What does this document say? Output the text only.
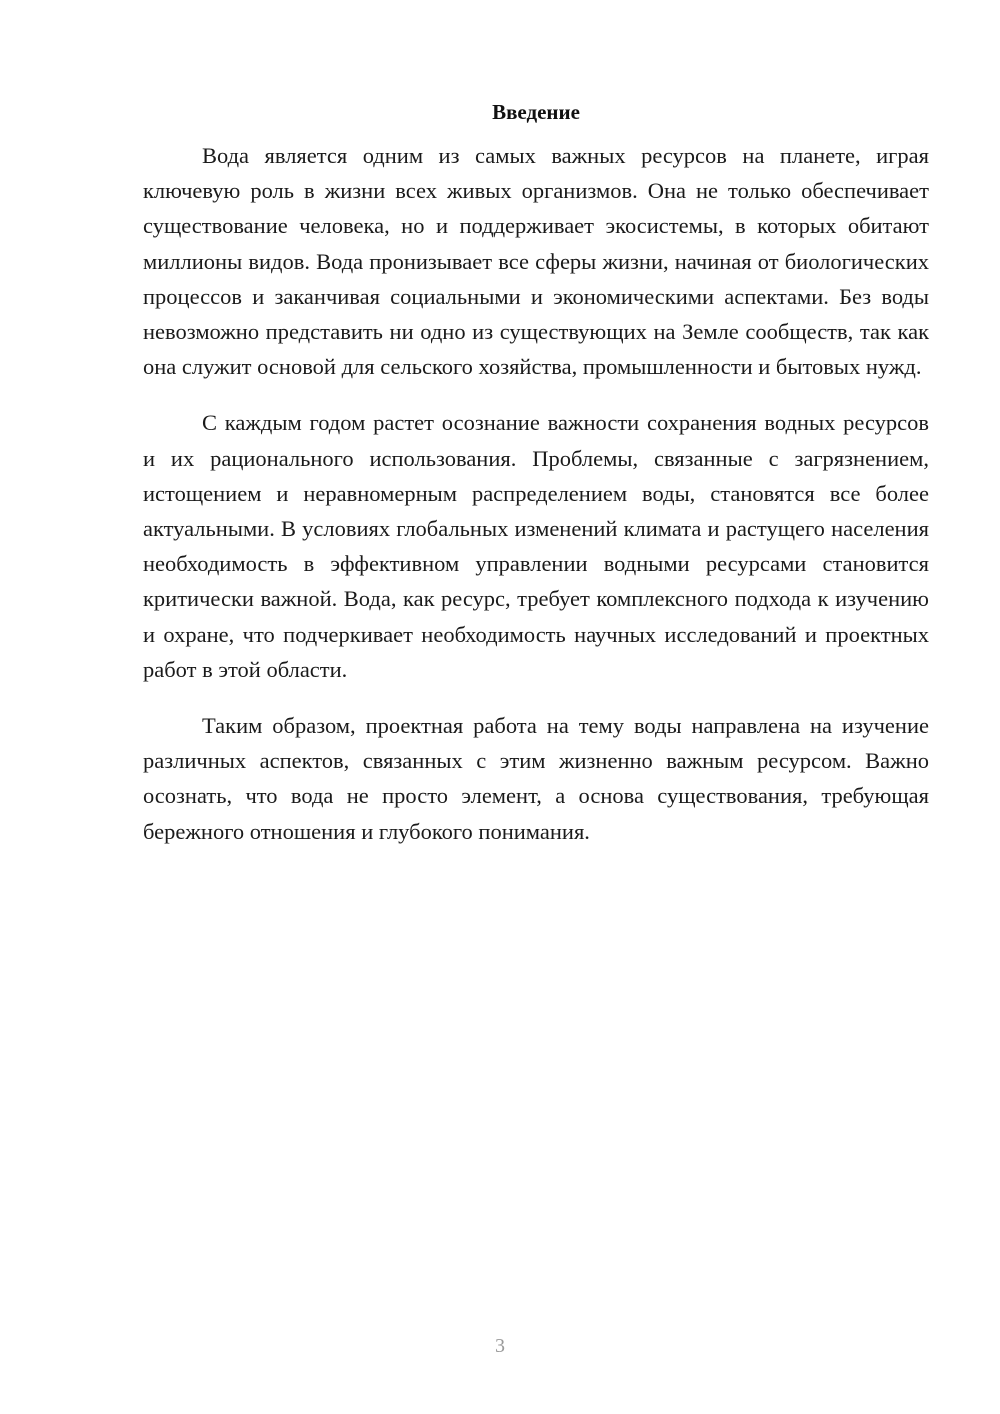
Введение

Вода является одним из самых важных ресурсов на планете, играя ключевую роль в жизни всех живых организмов. Она не только обеспечивает существование человека, но и поддерживает экосистемы, в которых обитают миллионы видов. Вода пронизывает все сферы жизни, начиная от биологических процессов и заканчивая социальными и экономическими аспектами. Без воды невозможно представить ни одно из существующих на Земле сообществ, так как она служит основой для сельского хозяйства, промышленности и бытовых нужд.

С каждым годом растет осознание важности сохранения водных ресурсов и их рационального использования. Проблемы, связанные с загрязнением, истощением и неравномерным распределением воды, становятся все более актуальными. В условиях глобальных изменений климата и растущего населения необходимость в эффективном управлении водными ресурсами становится критически важной. Вода, как ресурс, требует комплексного подхода к изучению и охране, что подчеркивает необходимость научных исследований и проектных работ в этой области.

Таким образом, проектная работа на тему воды направлена на изучение различных аспектов, связанных с этим жизненно важным ресурсом. Важно осознать, что вода не просто элемент, а основа существования, требующая бережного отношения и глубокого понимания.

3
